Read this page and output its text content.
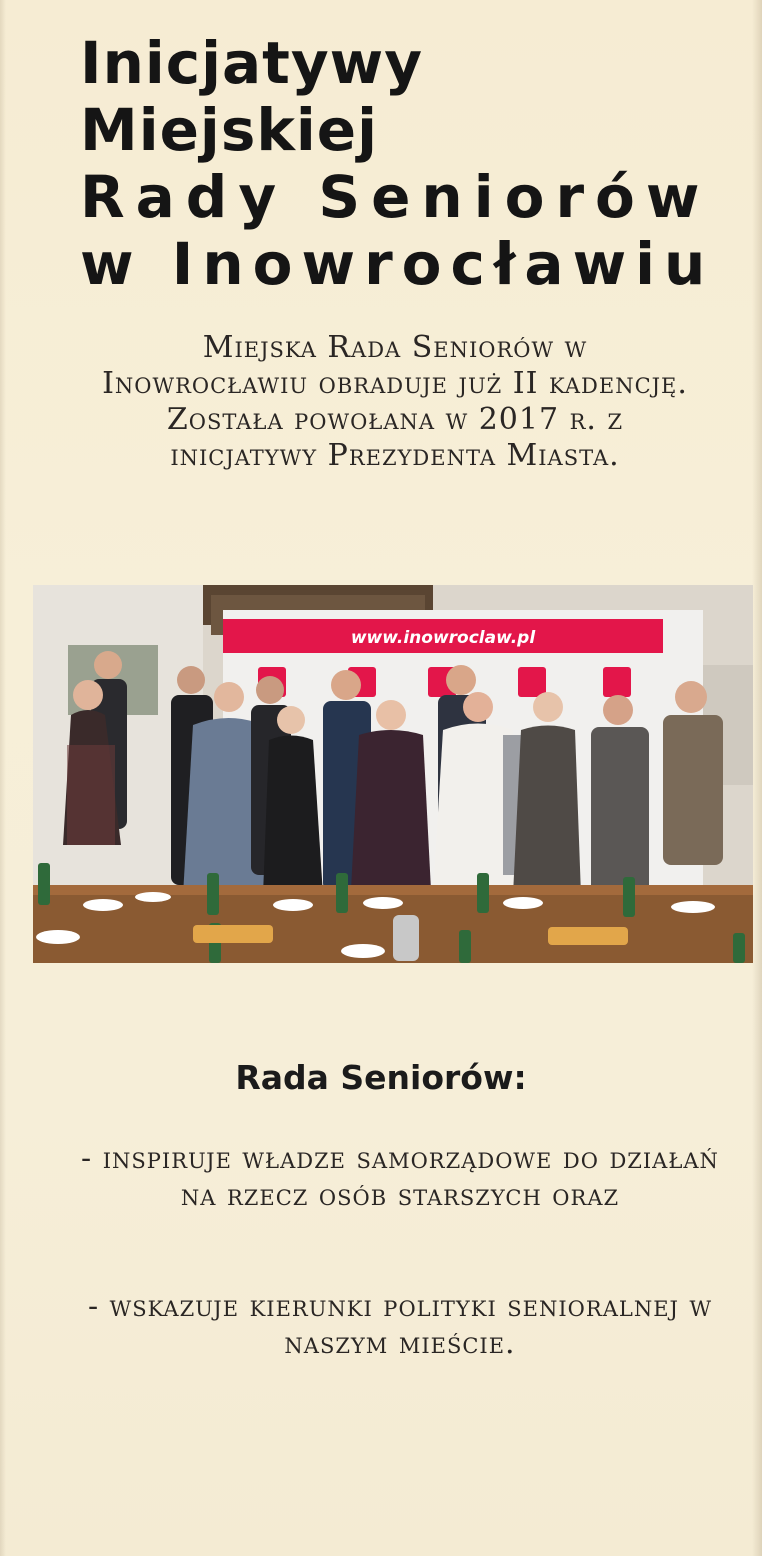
Inicjatywy Miejskiej
Rady Seniorów
w Inowrocławiu

Miejska Rada Seniorów w Inowrocławiu obraduje już II kadencję. Została powołana w 2017 r. z inicjatywy Prezydenta Miasta.

www.inowroclaw.pl
Rada Seniorów:

- inspiruje władze samorządowe do działań na rzecz osób starszych oraz

- wskazuje kierunki polityki senioralnej w naszym mieście.
